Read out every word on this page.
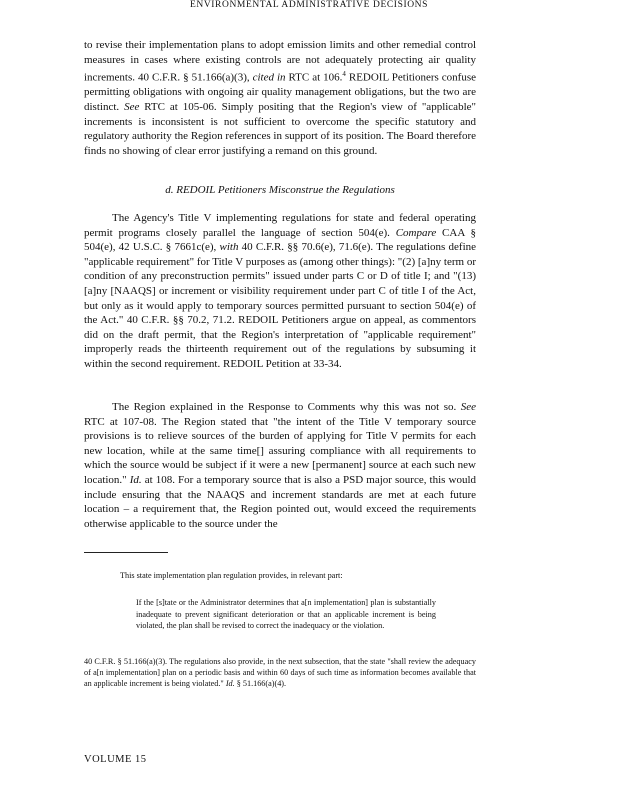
ENVIRONMENTAL ADMINISTRATIVE DECISIONS

to revise their implementation plans to adopt emission limits and other remedial control measures in cases where existing controls are not adequately protecting air quality increments. 40 C.F.R. § 51.166(a)(3), cited in RTC at 106.$^4$ REDOIL Petitioners confuse permitting obligations with ongoing air quality management obligations, but the two are distinct. See RTC at 105-06. Simply positing that the Region's view of "applicable" increments is inconsistent is not sufficient to overcome the specific statutory and regulatory authority the Region references in support of its position. The Board therefore finds no showing of clear error justifying a remand on this ground.

d. REDOIL Petitioners Misconstrue the Regulations

The Agency's Title V implementing regulations for state and federal operating permit programs closely parallel the language of section 504(e). Compare CAA § 504(e), 42 U.S.C. § 7661c(e), with 40 C.F.R. §§ 70.6(e), 71.6(e). The regulations define "applicable requirement" for Title V purposes as (among other things): "(2) [a]ny term or condition of any preconstruction permits" issued under parts C or D of title I; and "(13) [a]ny [NAAQS] or increment or visibility requirement under part C of title I of the Act, but only as it would apply to temporary sources permitted pursuant to section 504(e) of the Act." 40 C.F.R. §§ 70.2, 71.2. REDOIL Petitioners argue on appeal, as commentors did on the draft permit, that the Region's interpretation of "applicable requirement" improperly reads the thirteenth requirement out of the regulations by subsuming it within the second requirement. REDOIL Petition at 33-34.

The Region explained in the Response to Comments why this was not so. See RTC at 107-08. The Region stated that "the intent of the Title V temporary source provisions is to relieve sources of the burden of applying for Title V permits for each new location, while at the same time[] assuring compliance with all requirements to which the source would be subject if it were a new [permanent] source at each such new location." Id. at 108. For a temporary source that is also a PSD major source, this would include ensuring that the NAAQS and increment standards are met at each future location – a requirement that, the Region pointed out, would exceed the requirements otherwise applicable to the source under the

This state implementation plan regulation provides, in relevant part:
If the [s]tate or the Administrator determines that a[n implementation] plan is substantially inadequate to prevent significant deterioration or that an applicable increment is being violated, the plan shall be revised to correct the inadequacy or the violation.
40 C.F.R. § 51.166(a)(3). The regulations also provide, in the next subsection, that the state "shall review the adequacy of a[n implementation] plan on a periodic basis and within 60 days of such time as information becomes available that an applicable increment is being violated." Id. § 51.166(a)(4).
VOLUME 15
